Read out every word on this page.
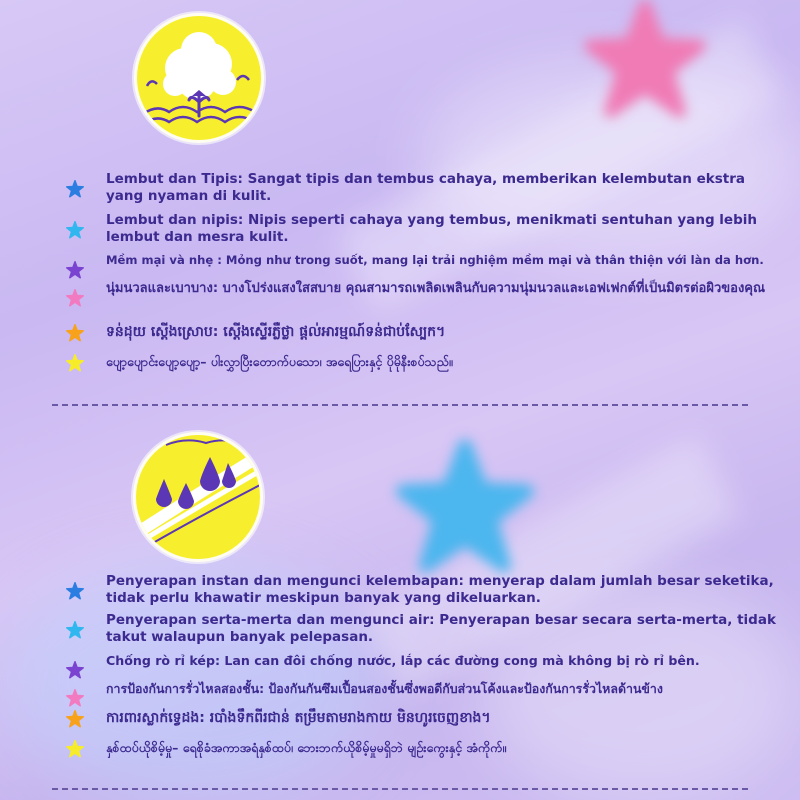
Lembut dan Tipis: Sangat tipis dan tembus cahaya, memberikan kelembutan ekstra yang nyaman di kulit.
Lembut dan nipis: Nipis seperti cahaya yang tembus, menikmati sentuhan yang lebih lembut dan mesra kulit.
Mềm mại và nhẹ : Mỏng như trong suốt, mang lại trải nghiệm mềm mại và thân thiện với làn da hơn.
นุ่มนวลและเบาบาง: บางโปร่งแสงใสสบาย คุณสามารถเพลิดเพลินกับความนุ่มนวลและเอฟเฟกต์ที่เป็นมิตรต่อผิวของคุณ
ទន់ដុយ ស្តើងស្រោប: ស្តើងស្ទើរភ្លឺថ្លា ផ្តល់អារម្មណ៍ទន់ជាប់ស្បែក។
ပျော့ပျောင်းပျော့ပျော့– ပါးလွှာပြီးတောက်ပသော၊ အရေပြားနှင့် ပိုမိုနီးစပ်သည်။
Penyerapan instan dan mengunci kelembapan: menyerap dalam jumlah besar seketika, tidak perlu khawatir meskipun banyak yang dikeluarkan.
Penyerapan serta-merta dan mengunci air: Penyerapan besar secara serta-merta, tidak takut walaupun banyak pelepasan.
Chống rò rỉ kép: Lan can đôi chống nước, lắp các đường cong mà không bị rò rỉ bên.
การป้องกันการรั่วไหลสองชั้น: ป้องกันกันซึมเปื้อนสองชั้นซึ่งพอดีกับส่วนโค้งและป้องกันการรั่วไหลด้านข้าง
ការពារស្លាក់ទ្វេដង: របាំងទឹកពីរជាន់ តម្រឹមតាមរាងកាយ មិនហូរចេញខាង។
နှစ်ထပ်ယိုစိမ့်မှု– ရေစိုခံအကာအရံနှစ်ထပ်၊ ဘေးဘက်ယိုစိမ့်မှုမရှိဘဲ မျဉ်းကွေးနှင့် အံကိုက်။
